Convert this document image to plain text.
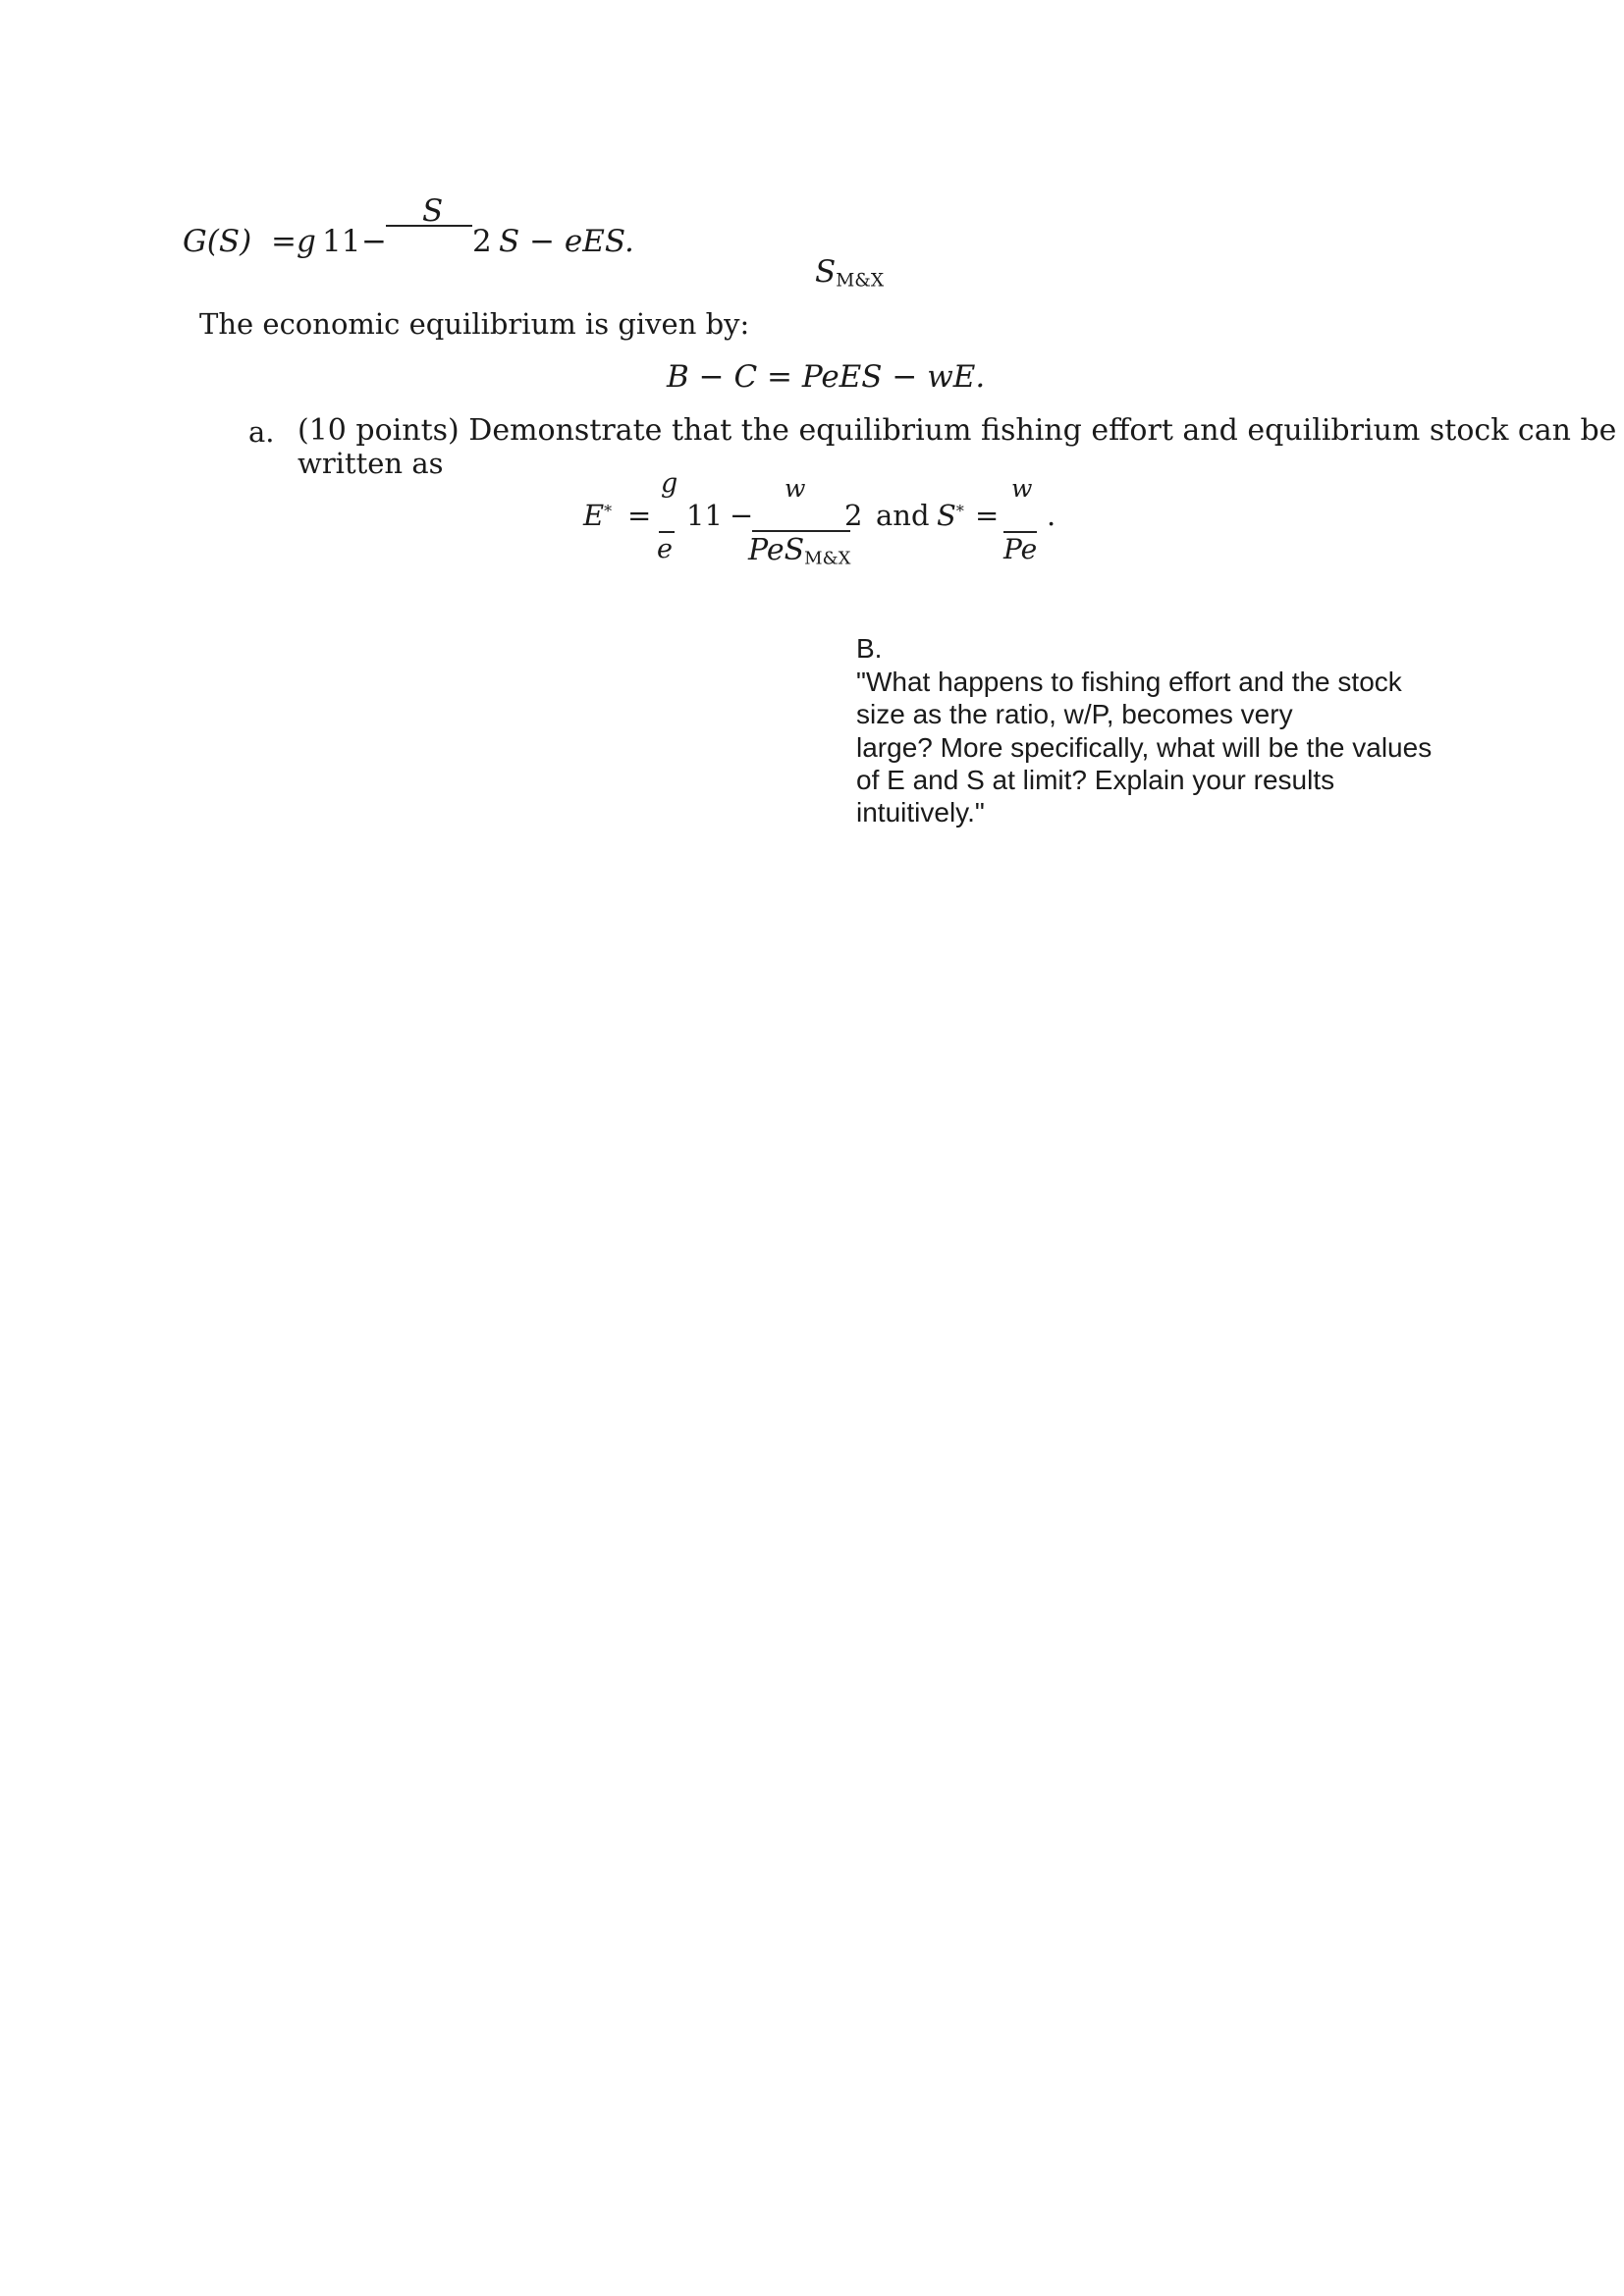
G(S) = g 11 −
S
2 S − eES.
$S_{M\&X}$
The economic equilibrium is given by:
B − C = PeES − wE.
a. (10 points) Demonstrate that the equilibrium fishing effort and equilibrium stock can be
written as
E* =
g
e
11 −
w
PeS$_{M\&X}$
2 and S* =
w
Pe
.
B.
"What happens to fishing effort and the stock
size as the ratio, w/P, becomes very
large? More specifically, what will be the values
of E and S at limit? Explain your results
intuitively."
